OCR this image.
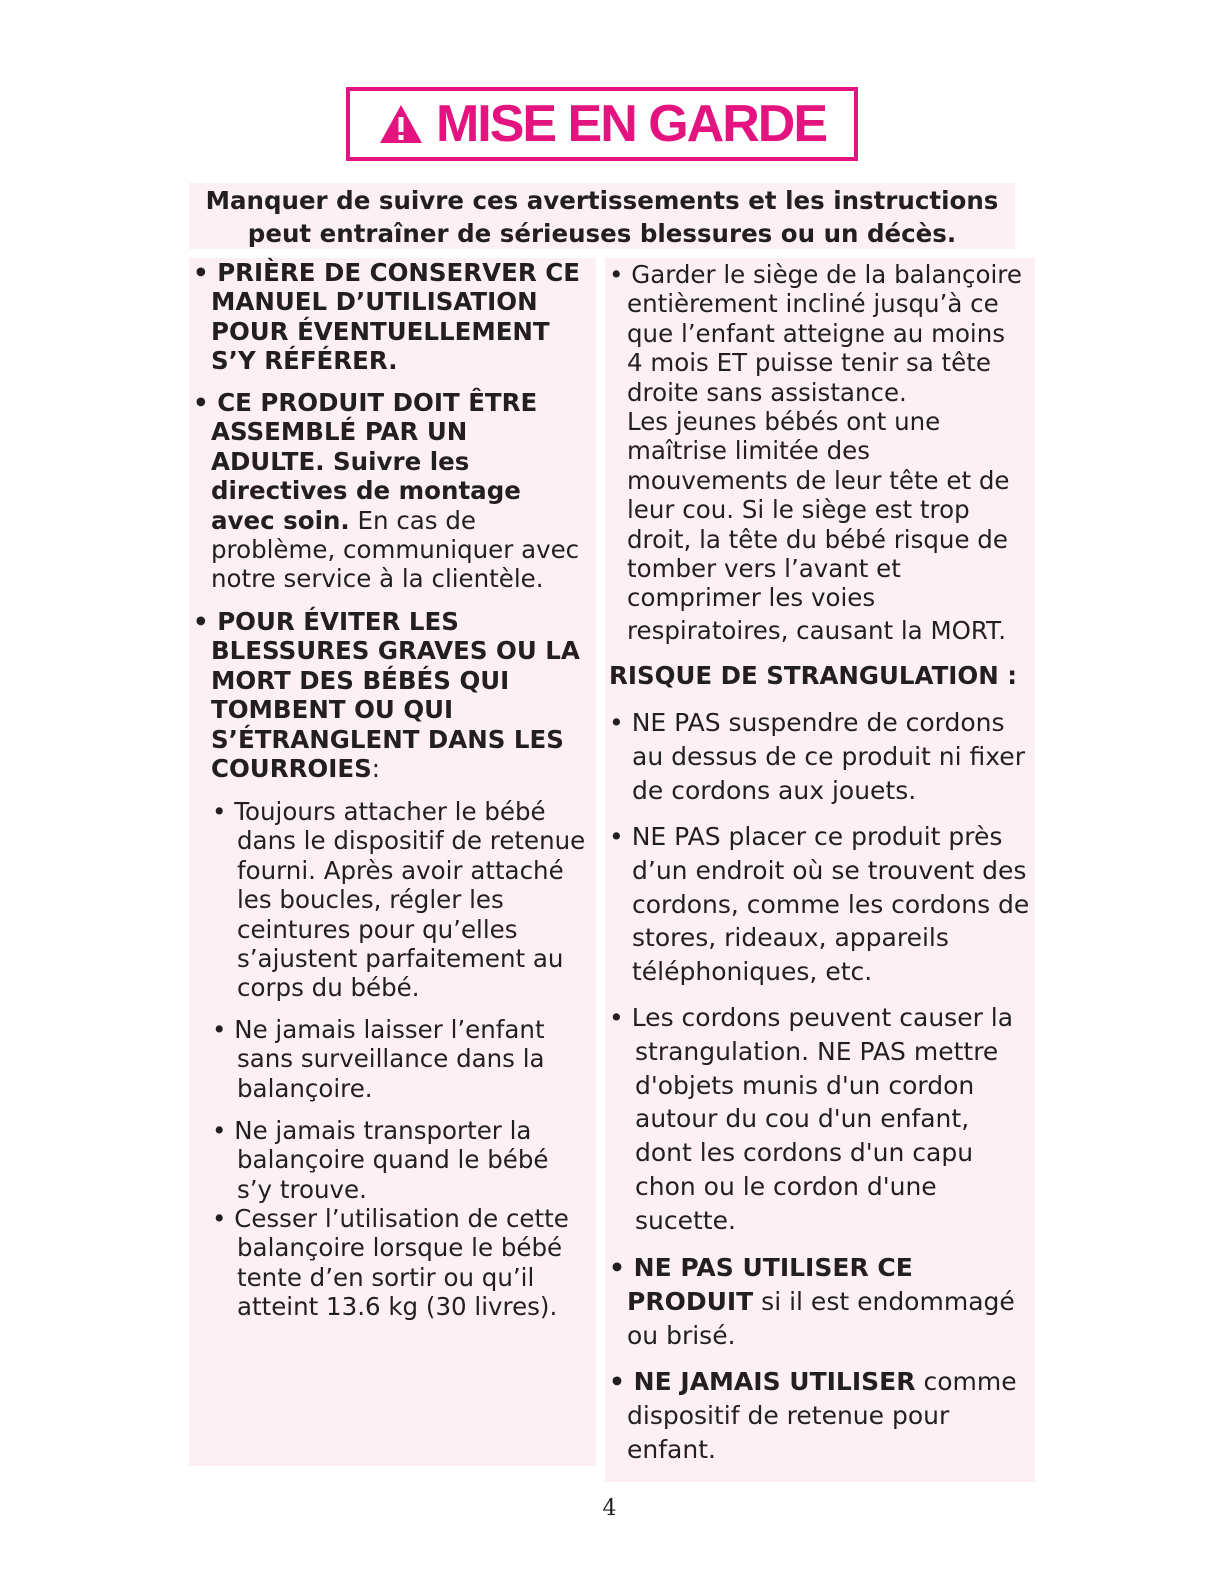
MISE EN GARDE
Manquer de suivre ces avertissements et les instructions
peut entraîner de sérieuses blessures ou un décès.
• PRIÈRE DE CONSERVER CE
MANUEL D’UTILISATION
POUR ÉVENTUELLEMENT
S’Y RÉFÉRER.
• CE PRODUIT DOIT ÊTRE
ASSEMBLÉ PAR UN
ADULTE. Suivre les
directives de montage
avec soin. En cas de
problème, communiquer avec
notre service à la clientèle.
• POUR ÉVITER LES
BLESSURES GRAVES OU LA
MORT DES BÉBÉS QUI
TOMBENT OU QUI
S’ÉTRANGLENT DANS LES
COURROIES:
• Toujours attacher le bébé
dans le dispositif de retenue
fourni. Après avoir attaché
les boucles, régler les
ceintures pour qu’elles
s’ajustent parfaitement au
corps du bébé.
• Ne jamais laisser l’enfant
sans surveillance dans la
balançoire.
• Ne jamais transporter la
balançoire quand le bébé
s’y trouve.
• Cesser l’utilisation de cette
balançoire lorsque le bébé
tente d’en sortir ou qu’il
atteint 13.6 kg (30 livres).
• Garder le siège de la balançoire
entièrement incliné jusqu’à ce
que l’enfant atteigne au moins
4 mois ET puisse tenir sa tête
droite sans assistance.
Les jeunes bébés ont une
maîtrise limitée des
mouvements de leur tête et de
leur cou. Si le siège est trop
droit, la tête du bébé risque de
tomber vers l’avant et
comprimer les voies
respiratoires, causant la MORT.
RISQUE DE STRANGULATION :
• NE PAS suspendre de cordons
au dessus de ce produit ni fixer
de cordons aux jouets.
• NE PAS placer ce produit près
d’un endroit où se trouvent des
cordons, comme les cordons de
stores, rideaux, appareils
téléphoniques, etc.
• Les cordons peuvent causer la
strangulation. NE PAS mettre
d'objets munis d'un cordon
autour du cou d'un enfant,
dont les cordons d'un capu
chon ou le cordon d'une
sucette.
• NE PAS UTILISER CE
PRODUIT si il est endommagé
ou brisé.
• NE JAMAIS UTILISER comme
dispositif de retenue pour
enfant.
4
